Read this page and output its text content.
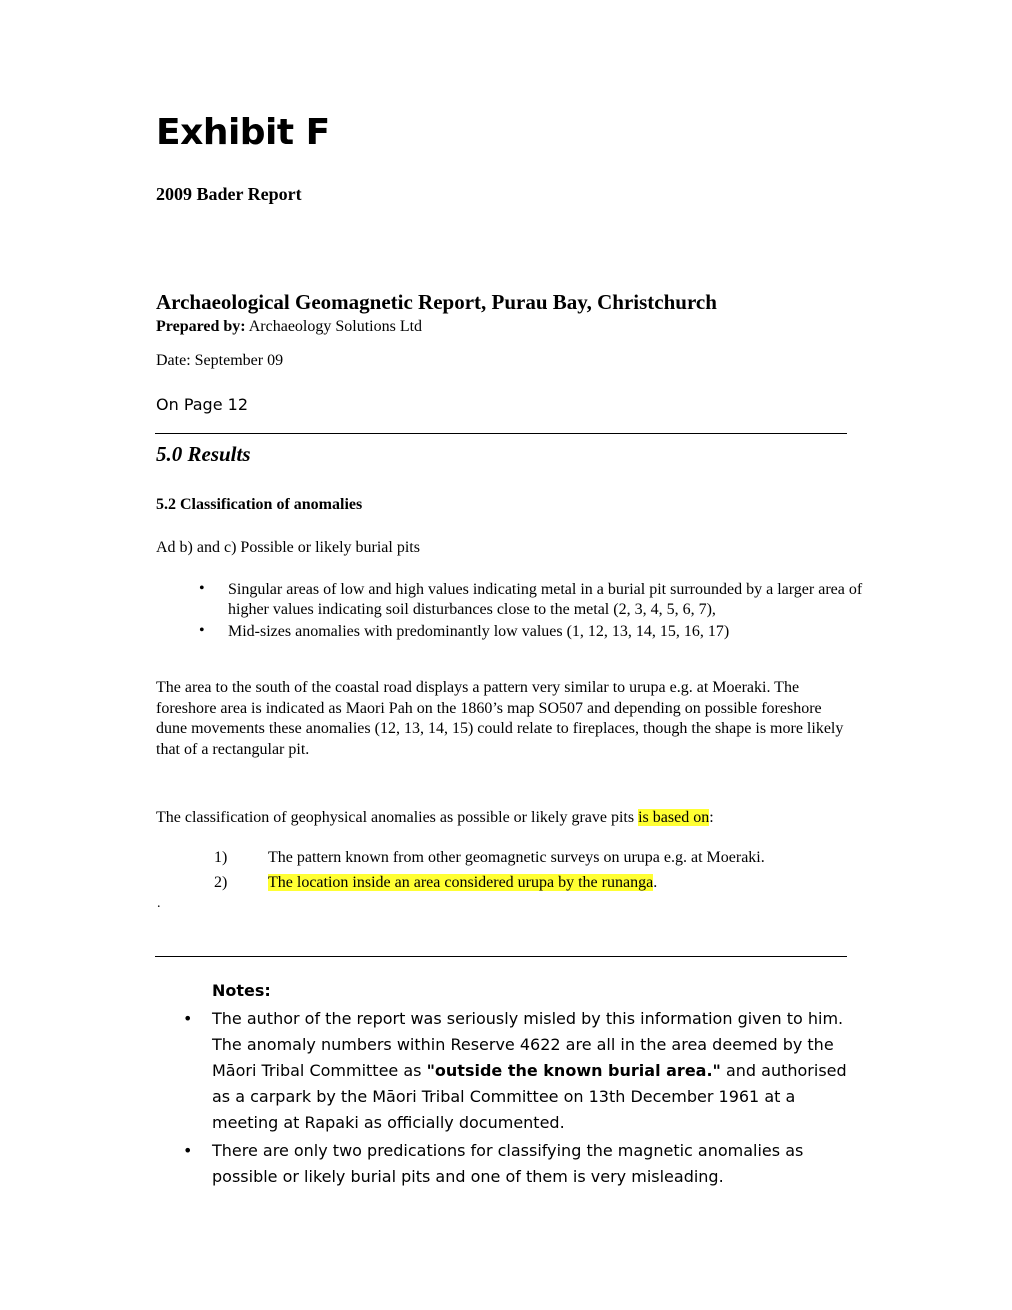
Exhibit F
2009 Bader Report
Archaeological Geomagnetic Report, Purau Bay, Christchurch
Prepared by: Archaeology Solutions Ltd
Date: September 09
On Page 12
5.0 Results
5.2 Classification of anomalies
Ad b) and c) Possible or likely burial pits
• Singular areas of low and high values indicating metal in a burial pit surrounded by a larger area of higher values indicating soil disturbances close to the metal (2, 3, 4, 5, 6, 7),
• Mid-sizes anomalies with predominantly low values (1, 12, 13, 14, 15, 16, 17)
The area to the south of the coastal road displays a pattern very similar to urupa e.g. at Moeraki. The foreshore area is indicated as Maori Pah on the 1860’s map SO507 and depending on possible foreshore dune movements these anomalies (12, 13, 14, 15) could relate to fireplaces, though the shape is more likely that of a rectangular pit.
The classification of geophysical anomalies as possible or likely grave pits is based on:
1)	The pattern known from other geomagnetic surveys on urupa e.g. at Moeraki.
2)	The location inside an area considered urupa by the runanga.
.
Notes:
• The author of the report was seriously misled by this information given to him. The anomaly numbers within Reserve 4622 are all in the area deemed by the Māori Tribal Committee as "outside the known burial area." and authorised as a carpark by the Māori Tribal Committee on 13th December 1961 at a meeting at Rapaki as officially documented.
• There are only two predications for classifying the magnetic anomalies as possible or likely burial pits and one of them is very misleading.
